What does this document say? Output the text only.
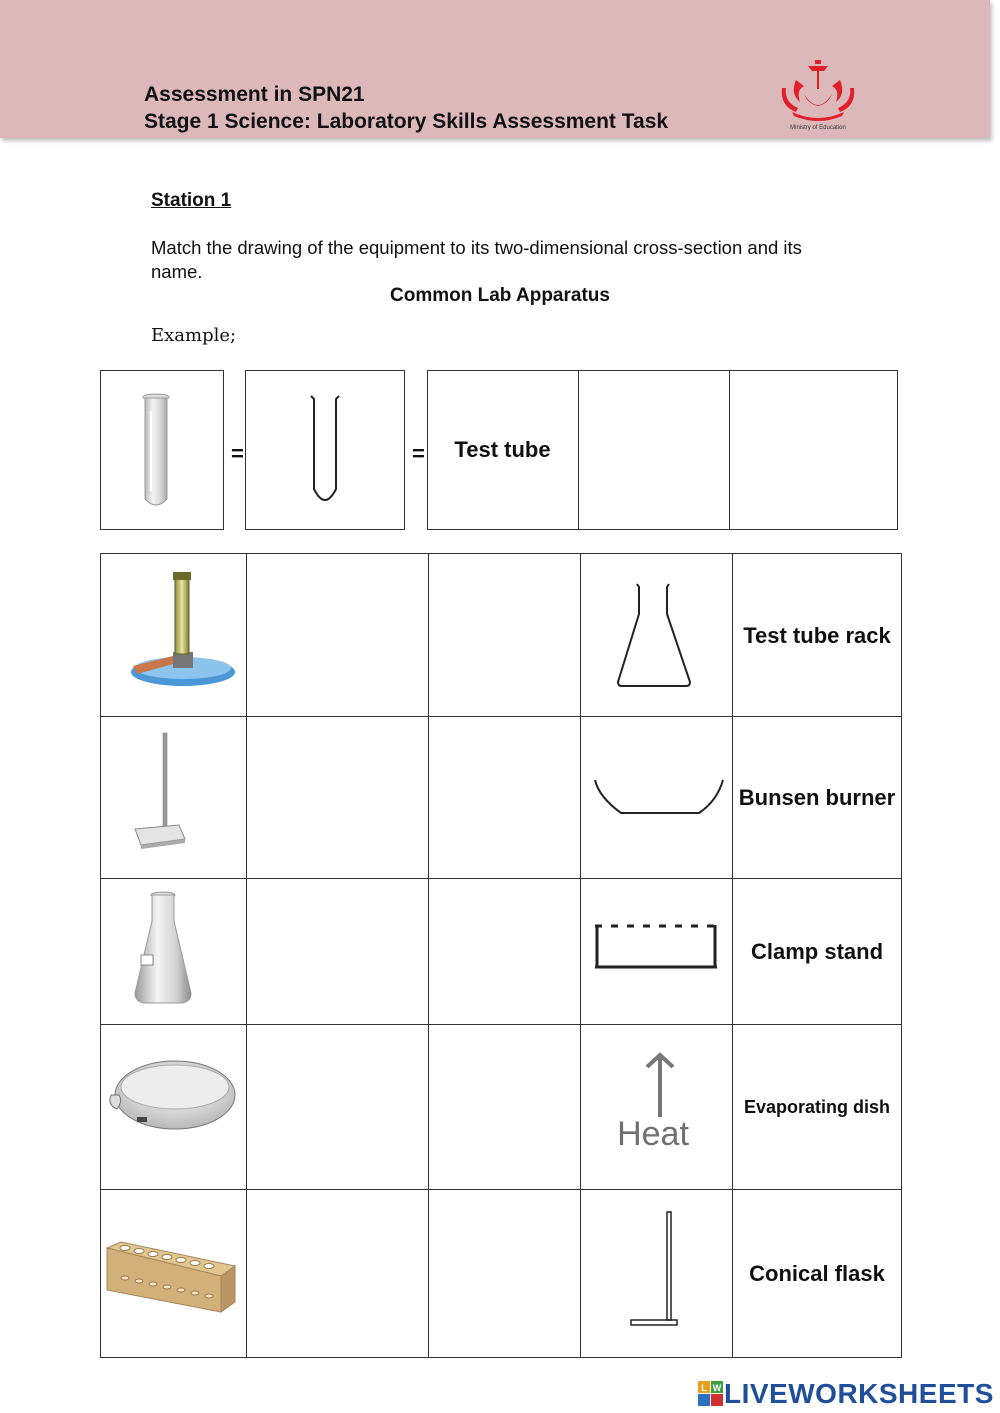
Assessment in SPN21
Stage 1 Science: Laboratory Skills Assessment Task	Ministry of Education
Station 1
Match the drawing of the equipment to its two-dimensional cross-section and its name.
Common Lab Apparatus
Example;
=	=	Test tube

Test tube rack

Bunsen burner

Clamp stand

Heat	Evaporating dish

Conical flask
L W LIVEWORKSHEETS
